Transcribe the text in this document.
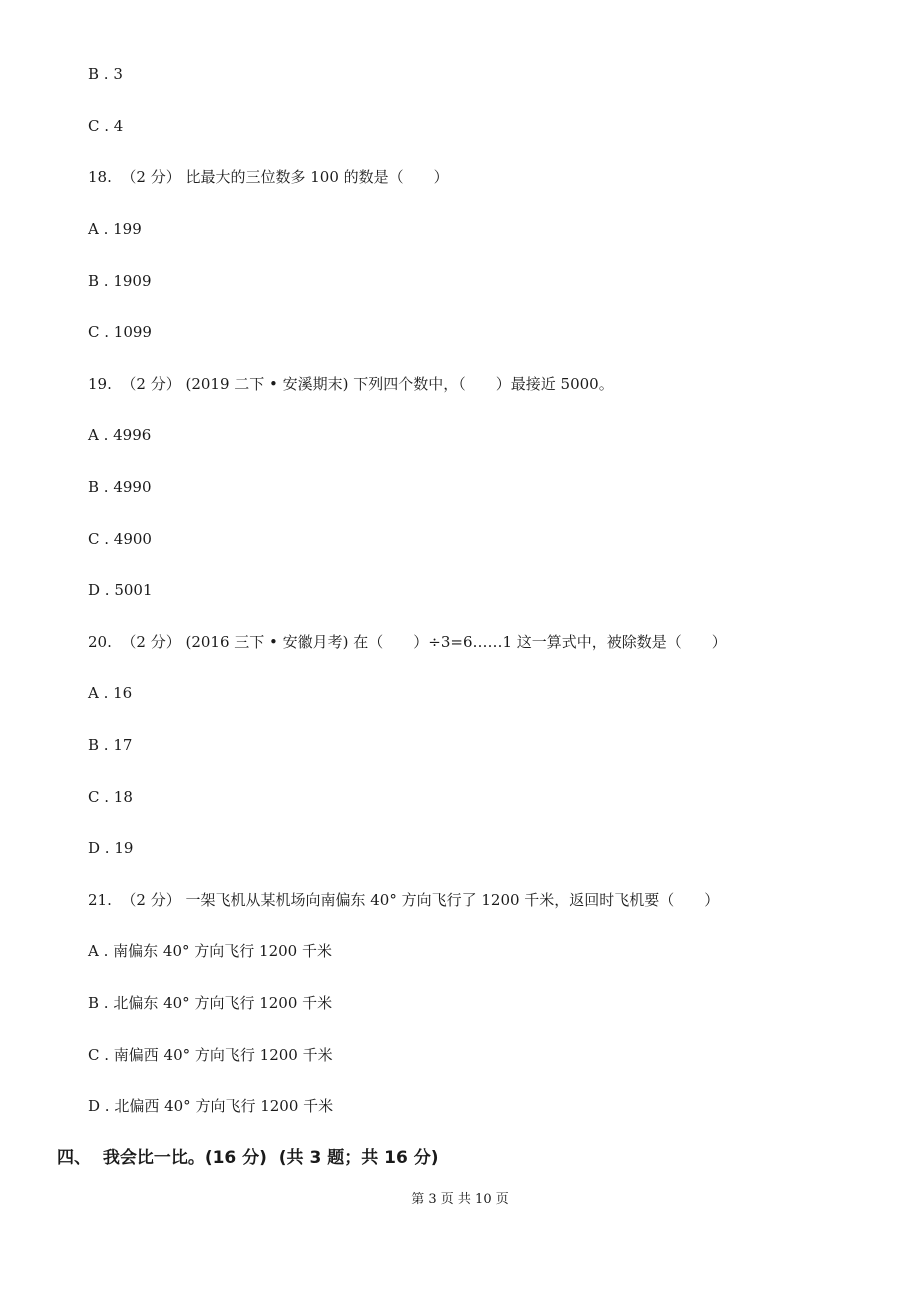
B . 3
C . 4
18.  （2 分） 比最大的三位数多 100 的数是（　　）
A . 199
B . 1909
C . 1099
19.  （2 分） (2019 二下 • 安溪期末) 下列四个数中，（　　）最接近 5000。
A . 4996
B . 4990
C . 4900
D . 5001
20.  （2 分） (2016 三下 • 安徽月考) 在（　　）÷3=6……1 这一算式中，被除数是（　　）
A . 16
B . 17
C . 18
D . 19
21.  （2 分） 一架飞机从某机场向南偏东 40° 方向飞行了 1200 千米，返回时飞机要（　　）
A . 南偏东 40° 方向飞行 1200 千米
B . 北偏东 40° 方向飞行 1200 千米
C . 南偏西 40° 方向飞行 1200 千米
D . 北偏西 40° 方向飞行 1200 千米
四、  我会比一比。(16 分)  (共 3 题；共 16 分)
第 3 页 共 10 页
